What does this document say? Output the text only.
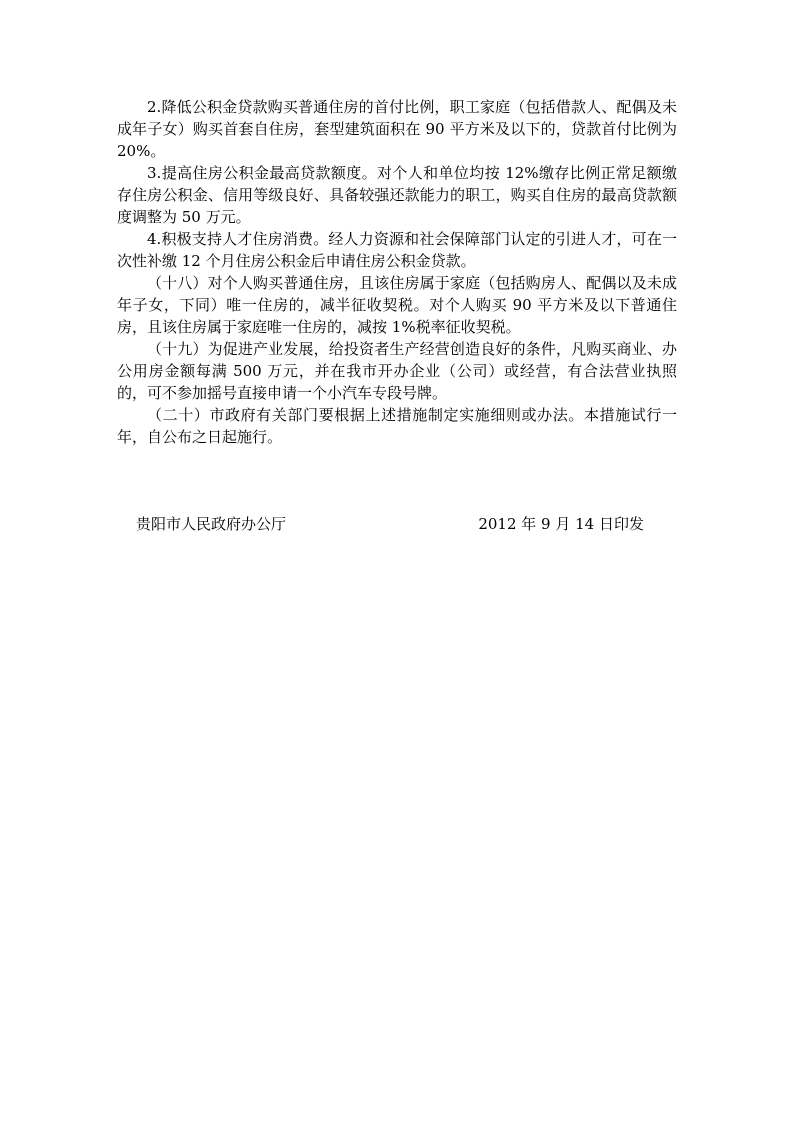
2.降低公积金贷款购买普通住房的首付比例，职工家庭（包括借款人、配偶及未成年子女）购买首套自住房，套型建筑面积在 90 平方米及以下的，贷款首付比例为 20%。

3.提高住房公积金最高贷款额度。对个人和单位均按 12%缴存比例正常足额缴存住房公积金、信用等级良好、具备较强还款能力的职工，购买自住房的最高贷款额度调整为 50 万元。

4.积极支持人才住房消费。经人力资源和社会保障部门认定的引进人才，可在一次性补缴 12 个月住房公积金后申请住房公积金贷款。

（十八）对个人购买普通住房，且该住房属于家庭（包括购房人、配偶以及未成年子女，下同）唯一住房的，减半征收契税。对个人购买 90 平方米及以下普通住房，且该住房属于家庭唯一住房的，减按 1%税率征收契税。

（十九）为促进产业发展，给投资者生产经营创造良好的条件，凡购买商业、办公用房金额每满 500 万元，并在我市开办企业（公司）或经营，有合法营业执照的，可不参加摇号直接申请一个小汽车专段号牌。

（二十）市政府有关部门要根据上述措施制定实施细则或办法。本措施试行一年，自公布之日起施行。

贵阳市人民政府办公厅	2012 年 9 月 14 日印发
